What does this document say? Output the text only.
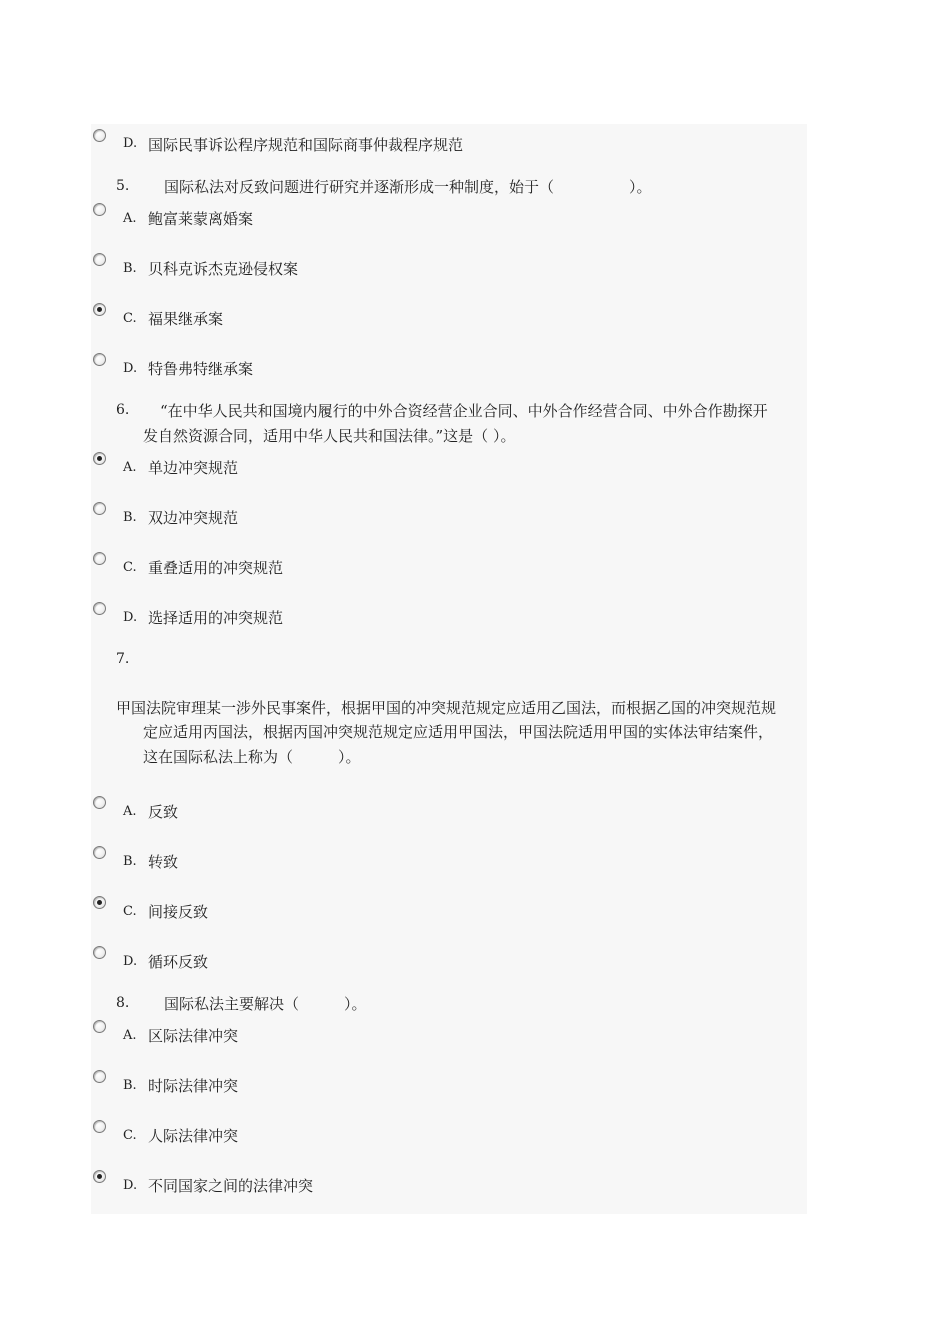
D. 国际民事诉讼程序规范和国际商事仲裁程序规范
5. 国际私法对反致问题进行研究并逐渐形成一种制度，始于（　　　　　）。
A. 鲍富莱蒙离婚案
B. 贝科克诉杰克逊侵权案
C. 福果继承案
D. 特鲁弗特继承案
6. “在中华人民共和国境内履行的中外合资经营企业合同、中外合作经营合同、中外合作勘探开
发自然资源合同，适用中华人民共和国法律。”这是（ ）。
A. 单边冲突规范
B. 双边冲突规范
C. 重叠适用的冲突规范
D. 选择适用的冲突规范
7.
甲国法院审理某一涉外民事案件，根据甲国的冲突规范规定应适用乙国法，而根据乙国的冲突规范规
定应适用丙国法，根据丙国冲突规范规定应适用甲国法，甲国法院适用甲国的实体法审结案件，
这在国际私法上称为（　　　）。
A. 反致
B. 转致
C. 间接反致
D. 循环反致
8. 国际私法主要解决（　　　）。
A. 区际法律冲突
B. 时际法律冲突
C. 人际法律冲突
D. 不同国家之间的法律冲突
